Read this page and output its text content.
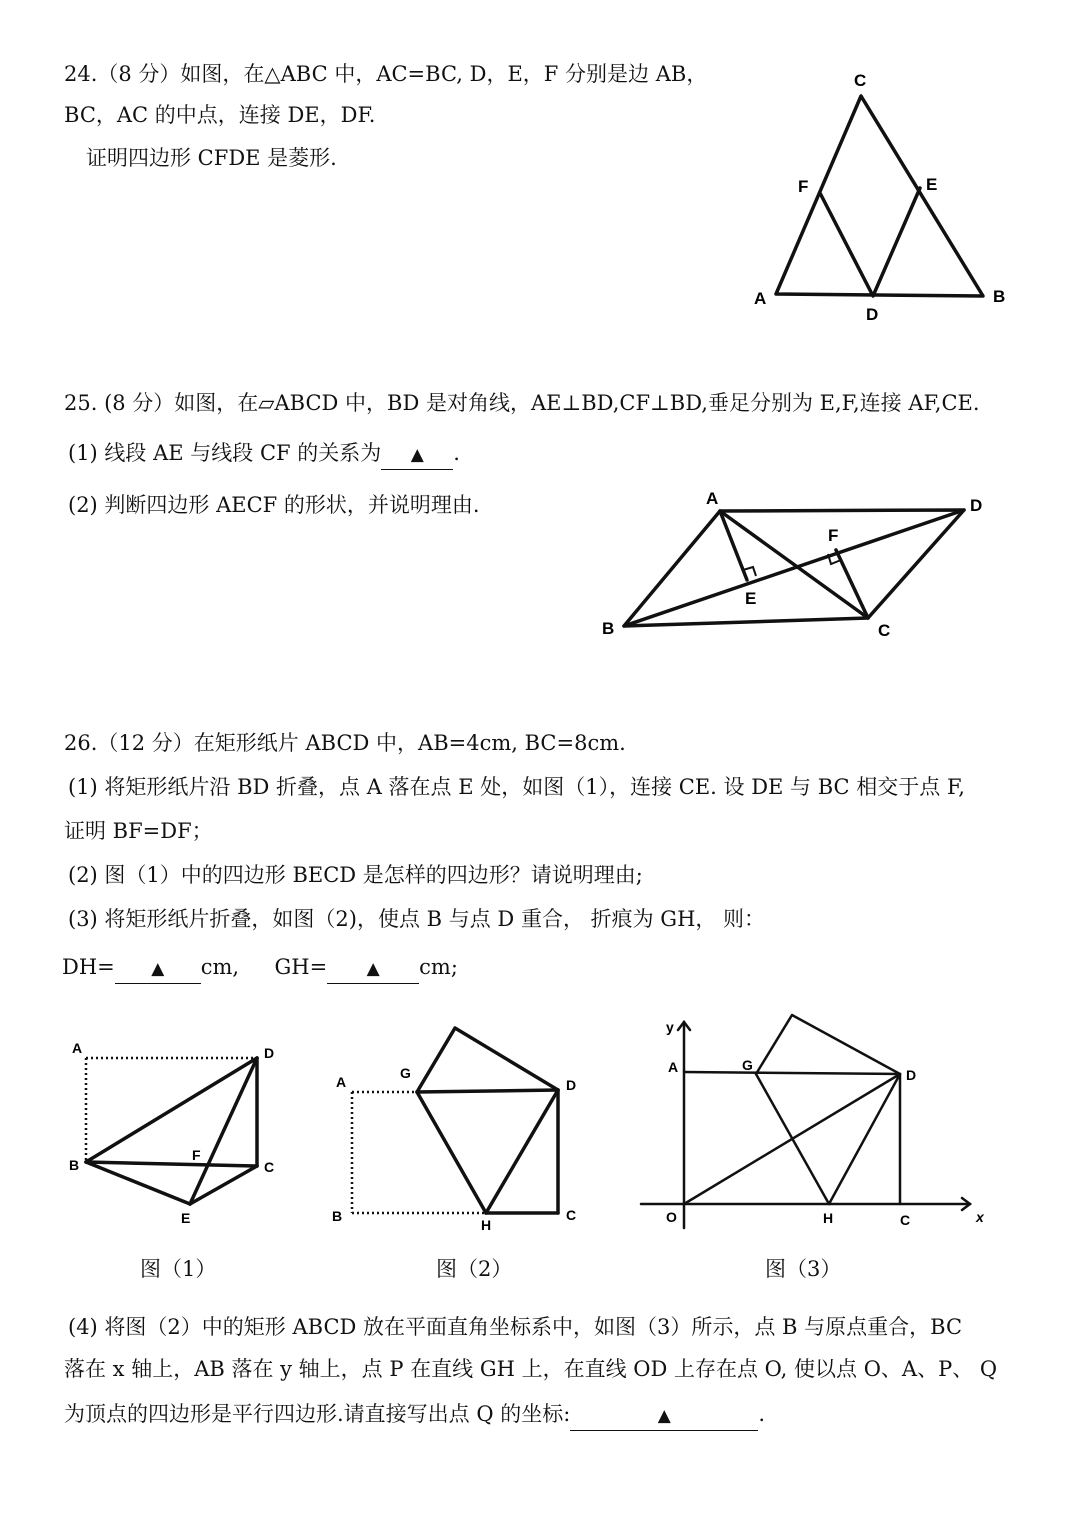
24.（8 分）如图，在△ABC 中，AC=BC, D，E，F 分别是边 AB，
BC，AC 的中点，连接 DE，DF.
证明四边形 CFDE 是菱形.
C
F	E
A
D
B
25. (8 分）如图，在▱ABCD 中，BD 是对角线，AE⊥BD,CF⊥BD,垂足分别为 E,F,连接 AF,CE.
(1) 线段 AE 与线段 CF 的关系为 ▲ .
(2) 判断四边形 AECF 的形状，并说明理由.	A	D
F
E
B	C
26.（12 分）在矩形纸片 ABCD 中，AB=4cm, BC=8cm.
(1) 将矩形纸片沿 BD 折叠，点 A 落在点 E 处，如图（1），连接 CE. 设 DE 与 BC 相交于点 F,
证明 BF=DF；
(2) 图（1）中的四边形 BECD 是怎样的四边形？请说明理由;
(3) 将矩形纸片折叠，如图（2)，使点 B 与点 D 重合， 折痕为 GH， 则：
DH= ▲ cm, GH= ▲ cm;
A	D
B
F
C
E
图（1）
A
G
D
B
H
C
图（2）
y
A	G
D
O	H	C	x
图（3）
(4) 将图（2）中的矩形 ABCD 放在平面直角坐标系中，如图（3）所示，点 B 与原点重合，BC
落在 x 轴上，AB 落在 y 轴上，点 P 在直线 GH 上，在直线 OD 上存在点 O, 使以点 O、A、P、 Q
为顶点的四边形是平行四边形.请直接写出点 Q 的坐标:	▲	.
